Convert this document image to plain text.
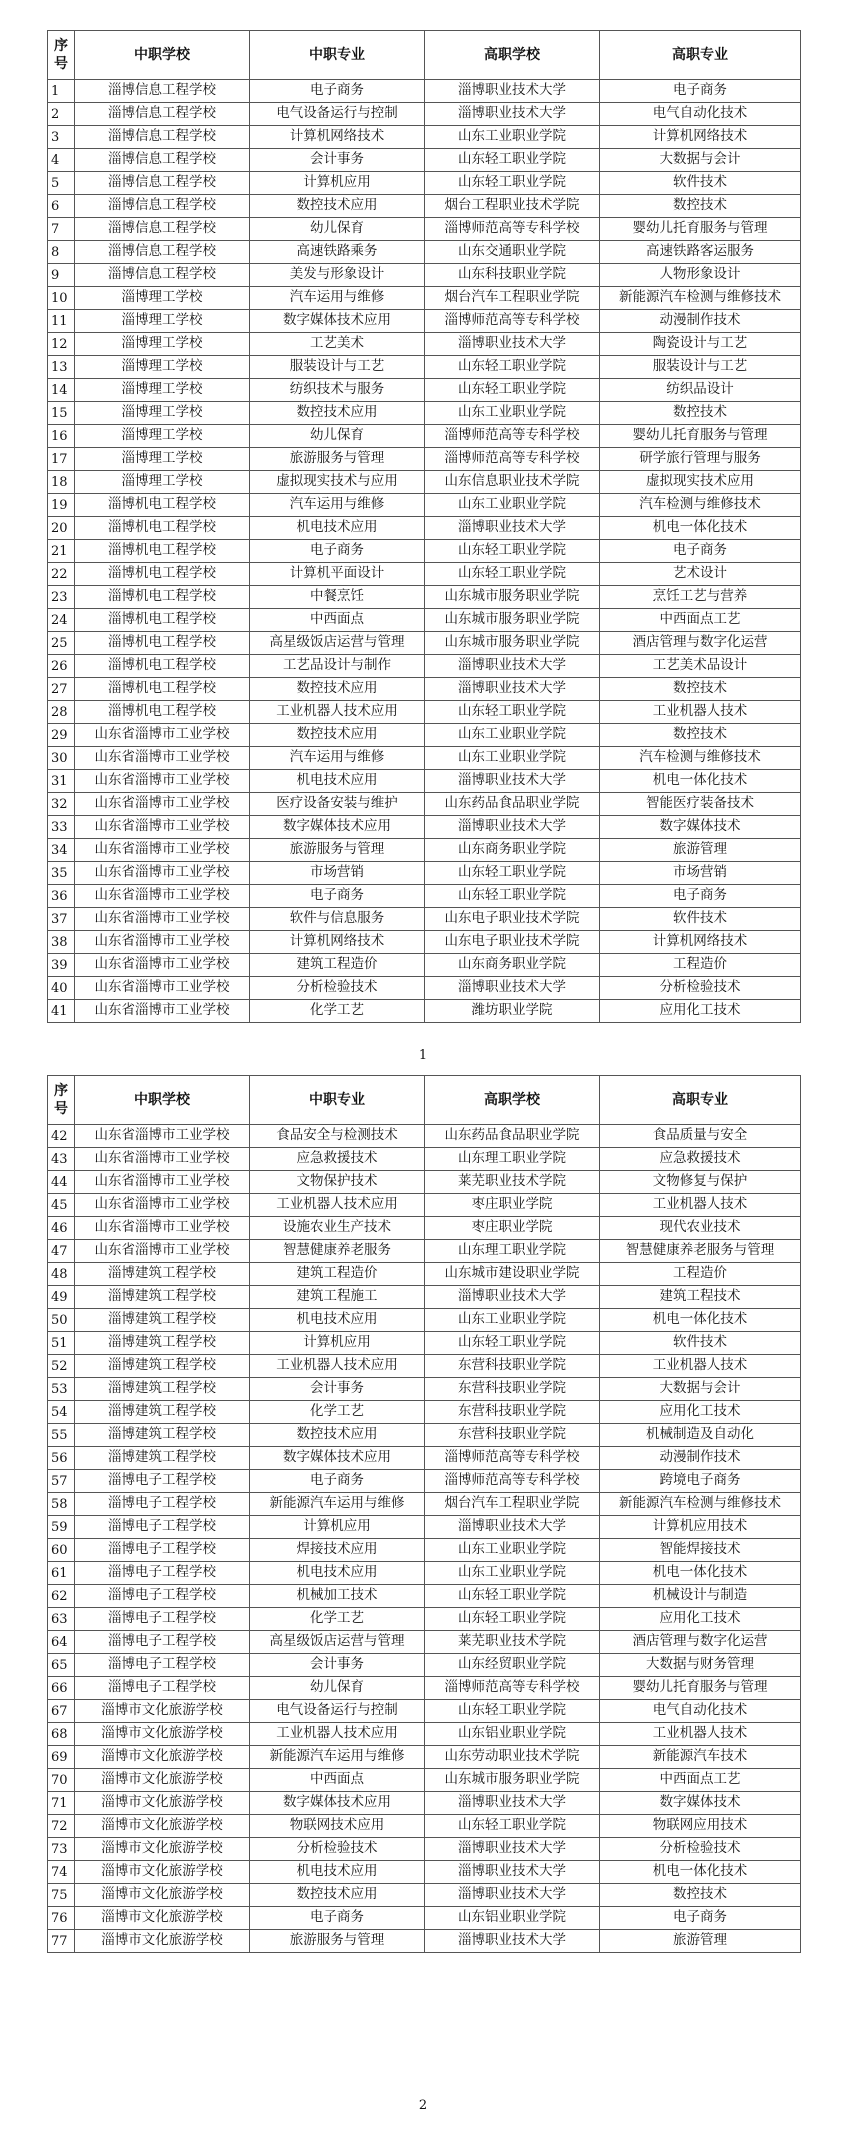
序
号	中职学校	中职专业	高职学校	高职专业
1	淄博信息工程学校	电子商务	淄博职业技术大学	电子商务
2	淄博信息工程学校	电气设备运行与控制	淄博职业技术大学	电气自动化技术
3	淄博信息工程学校	计算机网络技术	山东工业职业学院	计算机网络技术
4	淄博信息工程学校	会计事务	山东轻工职业学院	大数据与会计
5	淄博信息工程学校	计算机应用	山东轻工职业学院	软件技术
6	淄博信息工程学校	数控技术应用	烟台工程职业技术学院	数控技术
7	淄博信息工程学校	幼儿保育	淄博师范高等专科学校	婴幼儿托育服务与管理
8	淄博信息工程学校	高速铁路乘务	山东交通职业学院	高速铁路客运服务
9	淄博信息工程学校	美发与形象设计	山东科技职业学院	人物形象设计
10	淄博理工学校	汽车运用与维修	烟台汽车工程职业学院	新能源汽车检测与维修技术
11	淄博理工学校	数字媒体技术应用	淄博师范高等专科学校	动漫制作技术
12	淄博理工学校	工艺美术	淄博职业技术大学	陶瓷设计与工艺
13	淄博理工学校	服装设计与工艺	山东轻工职业学院	服装设计与工艺
14	淄博理工学校	纺织技术与服务	山东轻工职业学院	纺织品设计
15	淄博理工学校	数控技术应用	山东工业职业学院	数控技术
16	淄博理工学校	幼儿保育	淄博师范高等专科学校	婴幼儿托育服务与管理
17	淄博理工学校	旅游服务与管理	淄博师范高等专科学校	研学旅行管理与服务
18	淄博理工学校	虚拟现实技术与应用	山东信息职业技术学院	虚拟现实技术应用
19	淄博机电工程学校	汽车运用与维修	山东工业职业学院	汽车检测与维修技术
20	淄博机电工程学校	机电技术应用	淄博职业技术大学	机电一体化技术
21	淄博机电工程学校	电子商务	山东轻工职业学院	电子商务
22	淄博机电工程学校	计算机平面设计	山东轻工职业学院	艺术设计
23	淄博机电工程学校	中餐烹饪	山东城市服务职业学院	烹饪工艺与营养
24	淄博机电工程学校	中西面点	山东城市服务职业学院	中西面点工艺
25	淄博机电工程学校	高星级饭店运营与管理	山东城市服务职业学院	酒店管理与数字化运营
26	淄博机电工程学校	工艺品设计与制作	淄博职业技术大学	工艺美术品设计
27	淄博机电工程学校	数控技术应用	淄博职业技术大学	数控技术
28	淄博机电工程学校	工业机器人技术应用	山东轻工职业学院	工业机器人技术
29	山东省淄博市工业学校	数控技术应用	山东工业职业学院	数控技术
30	山东省淄博市工业学校	汽车运用与维修	山东工业职业学院	汽车检测与维修技术
31	山东省淄博市工业学校	机电技术应用	淄博职业技术大学	机电一体化技术
32	山东省淄博市工业学校	医疗设备安装与维护	山东药品食品职业学院	智能医疗装备技术
33	山东省淄博市工业学校	数字媒体技术应用	淄博职业技术大学	数字媒体技术
34	山东省淄博市工业学校	旅游服务与管理	山东商务职业学院	旅游管理
35	山东省淄博市工业学校	市场营销	山东轻工职业学院	市场营销
36	山东省淄博市工业学校	电子商务	山东轻工职业学院	电子商务
37	山东省淄博市工业学校	软件与信息服务	山东电子职业技术学院	软件技术
38	山东省淄博市工业学校	计算机网络技术	山东电子职业技术学院	计算机网络技术
39	山东省淄博市工业学校	建筑工程造价	山东商务职业学院	工程造价
40	山东省淄博市工业学校	分析检验技术	淄博职业技术大学	分析检验技术
41	山东省淄博市工业学校	化学工艺	潍坊职业学院	应用化工技术
1
序
号	中职学校	中职专业	高职学校	高职专业
42	山东省淄博市工业学校	食品安全与检测技术	山东药品食品职业学院	食品质量与安全
43	山东省淄博市工业学校	应急救援技术	山东理工职业学院	应急救援技术
44	山东省淄博市工业学校	文物保护技术	莱芜职业技术学院	文物修复与保护
45	山东省淄博市工业学校	工业机器人技术应用	枣庄职业学院	工业机器人技术
46	山东省淄博市工业学校	设施农业生产技术	枣庄职业学院	现代农业技术
47	山东省淄博市工业学校	智慧健康养老服务	山东理工职业学院	智慧健康养老服务与管理
48	淄博建筑工程学校	建筑工程造价	山东城市建设职业学院	工程造价
49	淄博建筑工程学校	建筑工程施工	淄博职业技术大学	建筑工程技术
50	淄博建筑工程学校	机电技术应用	山东工业职业学院	机电一体化技术
51	淄博建筑工程学校	计算机应用	山东轻工职业学院	软件技术
52	淄博建筑工程学校	工业机器人技术应用	东营科技职业学院	工业机器人技术
53	淄博建筑工程学校	会计事务	东营科技职业学院	大数据与会计
54	淄博建筑工程学校	化学工艺	东营科技职业学院	应用化工技术
55	淄博建筑工程学校	数控技术应用	东营科技职业学院	机械制造及自动化
56	淄博建筑工程学校	数字媒体技术应用	淄博师范高等专科学校	动漫制作技术
57	淄博电子工程学校	电子商务	淄博师范高等专科学校	跨境电子商务
58	淄博电子工程学校	新能源汽车运用与维修	烟台汽车工程职业学院	新能源汽车检测与维修技术
59	淄博电子工程学校	计算机应用	淄博职业技术大学	计算机应用技术
60	淄博电子工程学校	焊接技术应用	山东工业职业学院	智能焊接技术
61	淄博电子工程学校	机电技术应用	山东工业职业学院	机电一体化技术
62	淄博电子工程学校	机械加工技术	山东轻工职业学院	机械设计与制造
63	淄博电子工程学校	化学工艺	山东轻工职业学院	应用化工技术
64	淄博电子工程学校	高星级饭店运营与管理	莱芜职业技术学院	酒店管理与数字化运营
65	淄博电子工程学校	会计事务	山东经贸职业学院	大数据与财务管理
66	淄博电子工程学校	幼儿保育	淄博师范高等专科学校	婴幼儿托育服务与管理
67	淄博市文化旅游学校	电气设备运行与控制	山东轻工职业学院	电气自动化技术
68	淄博市文化旅游学校	工业机器人技术应用	山东铝业职业学院	工业机器人技术
69	淄博市文化旅游学校	新能源汽车运用与维修	山东劳动职业技术学院	新能源汽车技术
70	淄博市文化旅游学校	中西面点	山东城市服务职业学院	中西面点工艺
71	淄博市文化旅游学校	数字媒体技术应用	淄博职业技术大学	数字媒体技术
72	淄博市文化旅游学校	物联网技术应用	山东轻工职业学院	物联网应用技术
73	淄博市文化旅游学校	分析检验技术	淄博职业技术大学	分析检验技术
74	淄博市文化旅游学校	机电技术应用	淄博职业技术大学	机电一体化技术
75	淄博市文化旅游学校	数控技术应用	淄博职业技术大学	数控技术
76	淄博市文化旅游学校	电子商务	山东铝业职业学院	电子商务
77	淄博市文化旅游学校	旅游服务与管理	淄博职业技术大学	旅游管理
2
